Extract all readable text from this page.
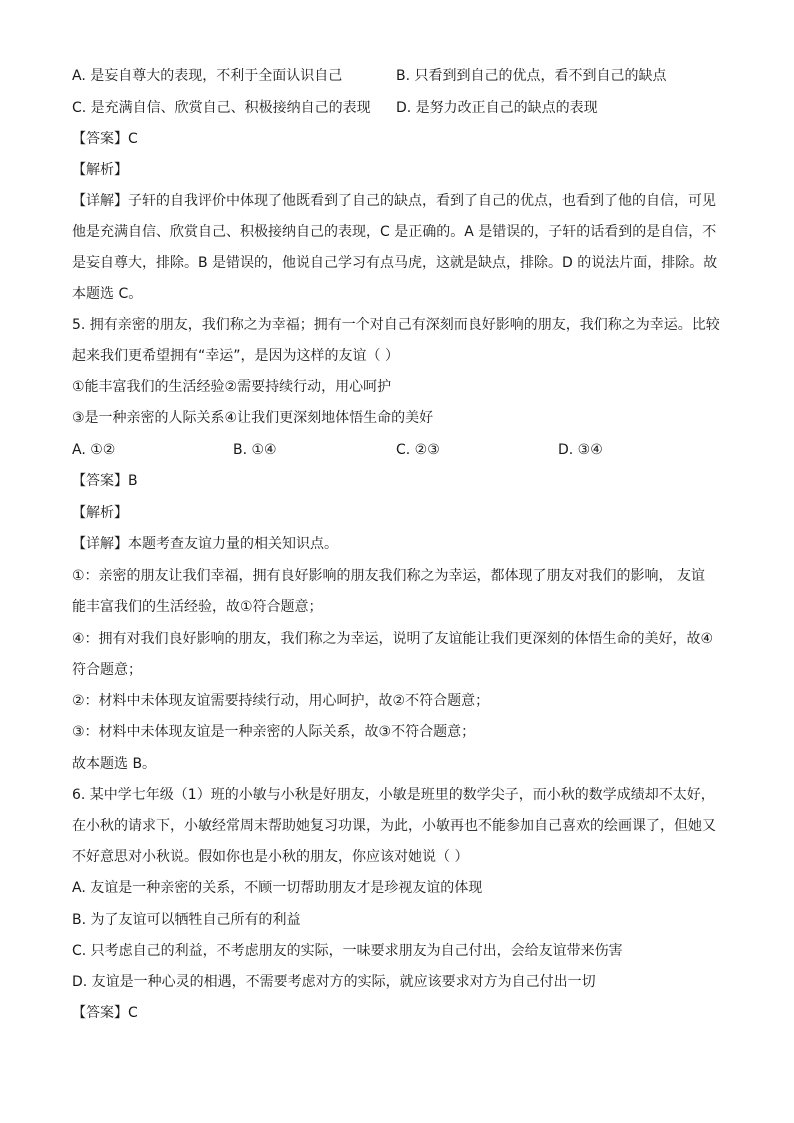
A. 是妄自尊大的表现，不利于全面认识自己	B. 只看到到自己的优点，看不到自己的缺点
C. 是充满自信、欣赏自己、积极接纳自己的表现 D. 是努力改正自己的缺点的表现
【答案】C
【解析】
【详解】子轩的自我评价中体现了他既看到了自己的缺点，看到了自己的优点，也看到了他的自信，可见
他是充满自信、欣赏自己、积极接纳自己的表现，C 是正确的。A 是错误的，子轩的话看到的是自信，不
是妄自尊大，排除。B 是错误的，他说自己学习有点马虎，这就是缺点，排除。D 的说法片面，排除。故
本题选 C。
5. 拥有亲密的朋友，我们称之为幸福；拥有一个对自己有深刻而良好影响的朋友，我们称之为幸运。比较
起来我们更希望拥有“幸运”，是因为这样的友谊（ ）
①能丰富我们的生活经验②需要持续行动，用心呵护
③是一种亲密的人际关系④让我们更深刻地体悟生命的美好
A. ①②	B. ①④	C. ②③	D. ③④
【答案】B
【解析】
【详解】本题考查友谊力量的相关知识点。
①：亲密的朋友让我们幸福，拥有良好影响的朋友我们称之为幸运，都体现了朋友对我们的影响， 友谊
能丰富我们的生活经验，故①符合题意；
④：拥有对我们良好影响的朋友，我们称之为幸运，说明了友谊能让我们更深刻的体悟生命的美好，故④
符合题意；
②：材料中未体现友谊需要持续行动，用心呵护，故②不符合题意；
③：材料中未体现友谊是一种亲密的人际关系，故③不符合题意；
故本题选 B。
6. 某中学七年级（1）班的小敏与小秋是好朋友，小敏是班里的数学尖子，而小秋的数学成绩却不太好，
在小秋的请求下，小敏经常周末帮助她复习功课，为此，小敏再也不能参加自己喜欢的绘画课了，但她又
不好意思对小秋说。假如你也是小秋的朋友，你应该对她说（ ）
A. 友谊是一种亲密的关系，不顾一切帮助朋友才是珍视友谊的体现
B. 为了友谊可以牺牲自己所有的利益
C. 只考虑自己的利益，不考虑朋友的实际，一味要求朋友为自己付出，会给友谊带来伤害
D. 友谊是一种心灵的相遇，不需要考虑对方的实际，就应该要求对方为自己付出一切
【答案】C
